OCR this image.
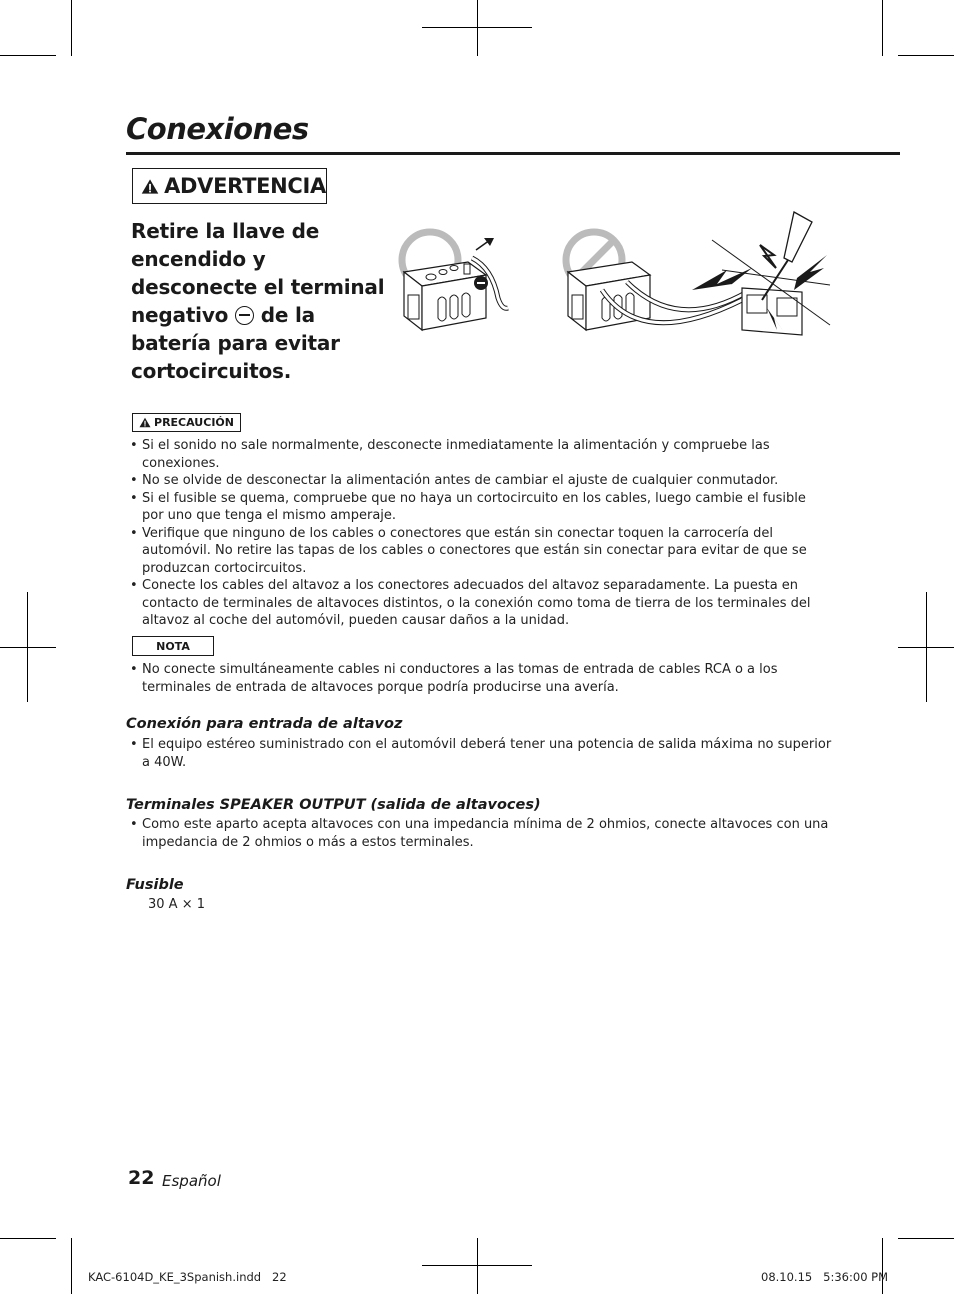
Conexiones
ADVERTENCIA
Retire la llave de encendido y desconecte el terminal negativo de la batería para evitar cortocircuitos.
PRECAUCIÓN
• Si el sonido no sale normalmente, desconecte inmediatamente la alimentación y compruebe las conexiones.
• No se olvide de desconectar la alimentación antes de cambiar el ajuste de cualquier conmutador.
• Si el fusible se quema, compruebe que no haya un cortocircuito en los cables, luego cambie el fusible por uno que tenga el mismo amperaje.
• Verifique que ninguno de los cables o conectores que están sin conectar toquen la carrocería del automóvil. No retire las tapas de los cables o conectores que están sin conectar para evitar de que se produzcan cortocircuitos.
• Conecte los cables del altavoz a los conectores adecuados del altavoz separadamente. La puesta en contacto de terminales de altavoces distintos, o la conexión como toma de tierra de los terminales del altavoz al coche del automóvil, pueden causar daños a la unidad.
NOTA
• No conecte simultáneamente cables ni conductores a las tomas de entrada de cables RCA o a los terminales de entrada de altavoces porque podría producirse una avería.
Conexión para entrada de altavoz
• El equipo estéreo suministrado con el automóvil deberá tener una potencia de salida máxima no superior a 40W.
Terminales SPEAKER OUTPUT (salida de altavoces)
• Como este aparto acepta altavoces con una impedancia mínima de 2 ohmios, conecte altavoces con una impedancia de 2 ohmios o más a estos terminales.
Fusible
30 A × 1
22 Español
KAC-6104D_KE_3Spanish.indd   22	08.10.15   5:36:00 PM
